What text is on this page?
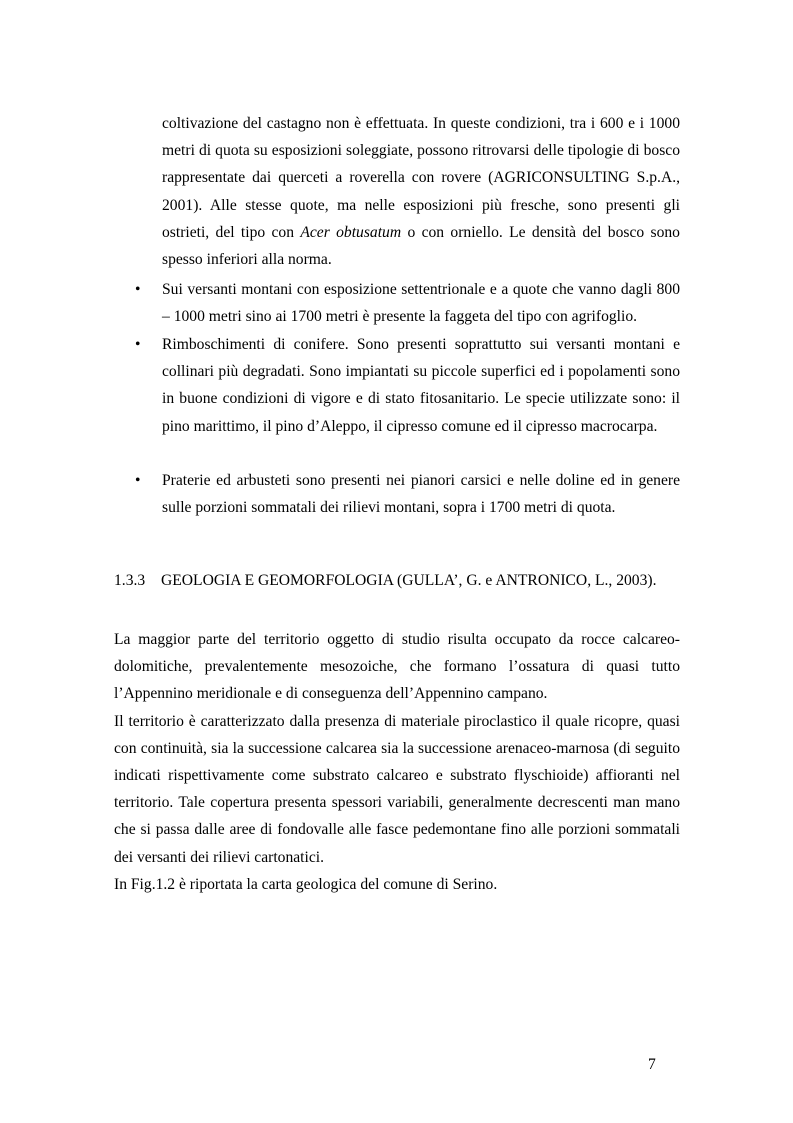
coltivazione del castagno non è effettuata. In queste condizioni, tra i 600 e i 1000 metri di quota su esposizioni soleggiate, possono ritrovarsi delle tipologie di bosco rappresentate dai querceti a roverella con rovere (AGRICONSULTING S.p.A., 2001). Alle stesse quote, ma nelle esposizioni più fresche, sono presenti gli ostrieti, del tipo con Acer obtusatum o con orniello. Le densità del bosco sono spesso inferiori alla norma.

• Sui versanti montani con esposizione settentrionale e a quote che vanno dagli 800 – 1000 metri sino ai 1700 metri è presente la faggeta del tipo con agrifoglio.
• Rimboschimenti di conifere. Sono presenti soprattutto sui versanti montani e collinari più degradati. Sono impiantati su piccole superfici ed i popolamenti sono in buone condizioni di vigore e di stato fitosanitario. Le specie utilizzate sono: il pino marittimo, il pino d’Aleppo, il cipresso comune ed il cipresso macrocarpa.
• Praterie ed arbusteti sono presenti nei pianori carsici e nelle doline ed in genere sulle porzioni sommatali dei rilievi montani, sopra i 1700 metri di quota.
1.3.3 GEOLOGIA E GEOMORFOLOGIA (GULLA’, G. e ANTRONICO, L., 2003).

La maggior parte del territorio oggetto di studio risulta occupato da rocce calcareo-dolomitiche, prevalentemente mesozoiche, che formano l’ossatura di quasi tutto l’Appennino meridionale e di conseguenza dell’Appennino campano.

Il territorio è caratterizzato dalla presenza di materiale piroclastico il quale ricopre, quasi con continuità, sia la successione calcarea sia la successione arenaceo-marnosa (di seguito indicati rispettivamente come substrato calcareo e substrato flyschioide) affioranti nel territorio. Tale copertura presenta spessori variabili, generalmente decrescenti man mano che si passa dalle aree di fondovalle alle fasce pedemontane fino alle porzioni sommatali dei versanti dei rilievi cartonatici.

In Fig.1.2 è riportata la carta geologica del comune di Serino.

7
